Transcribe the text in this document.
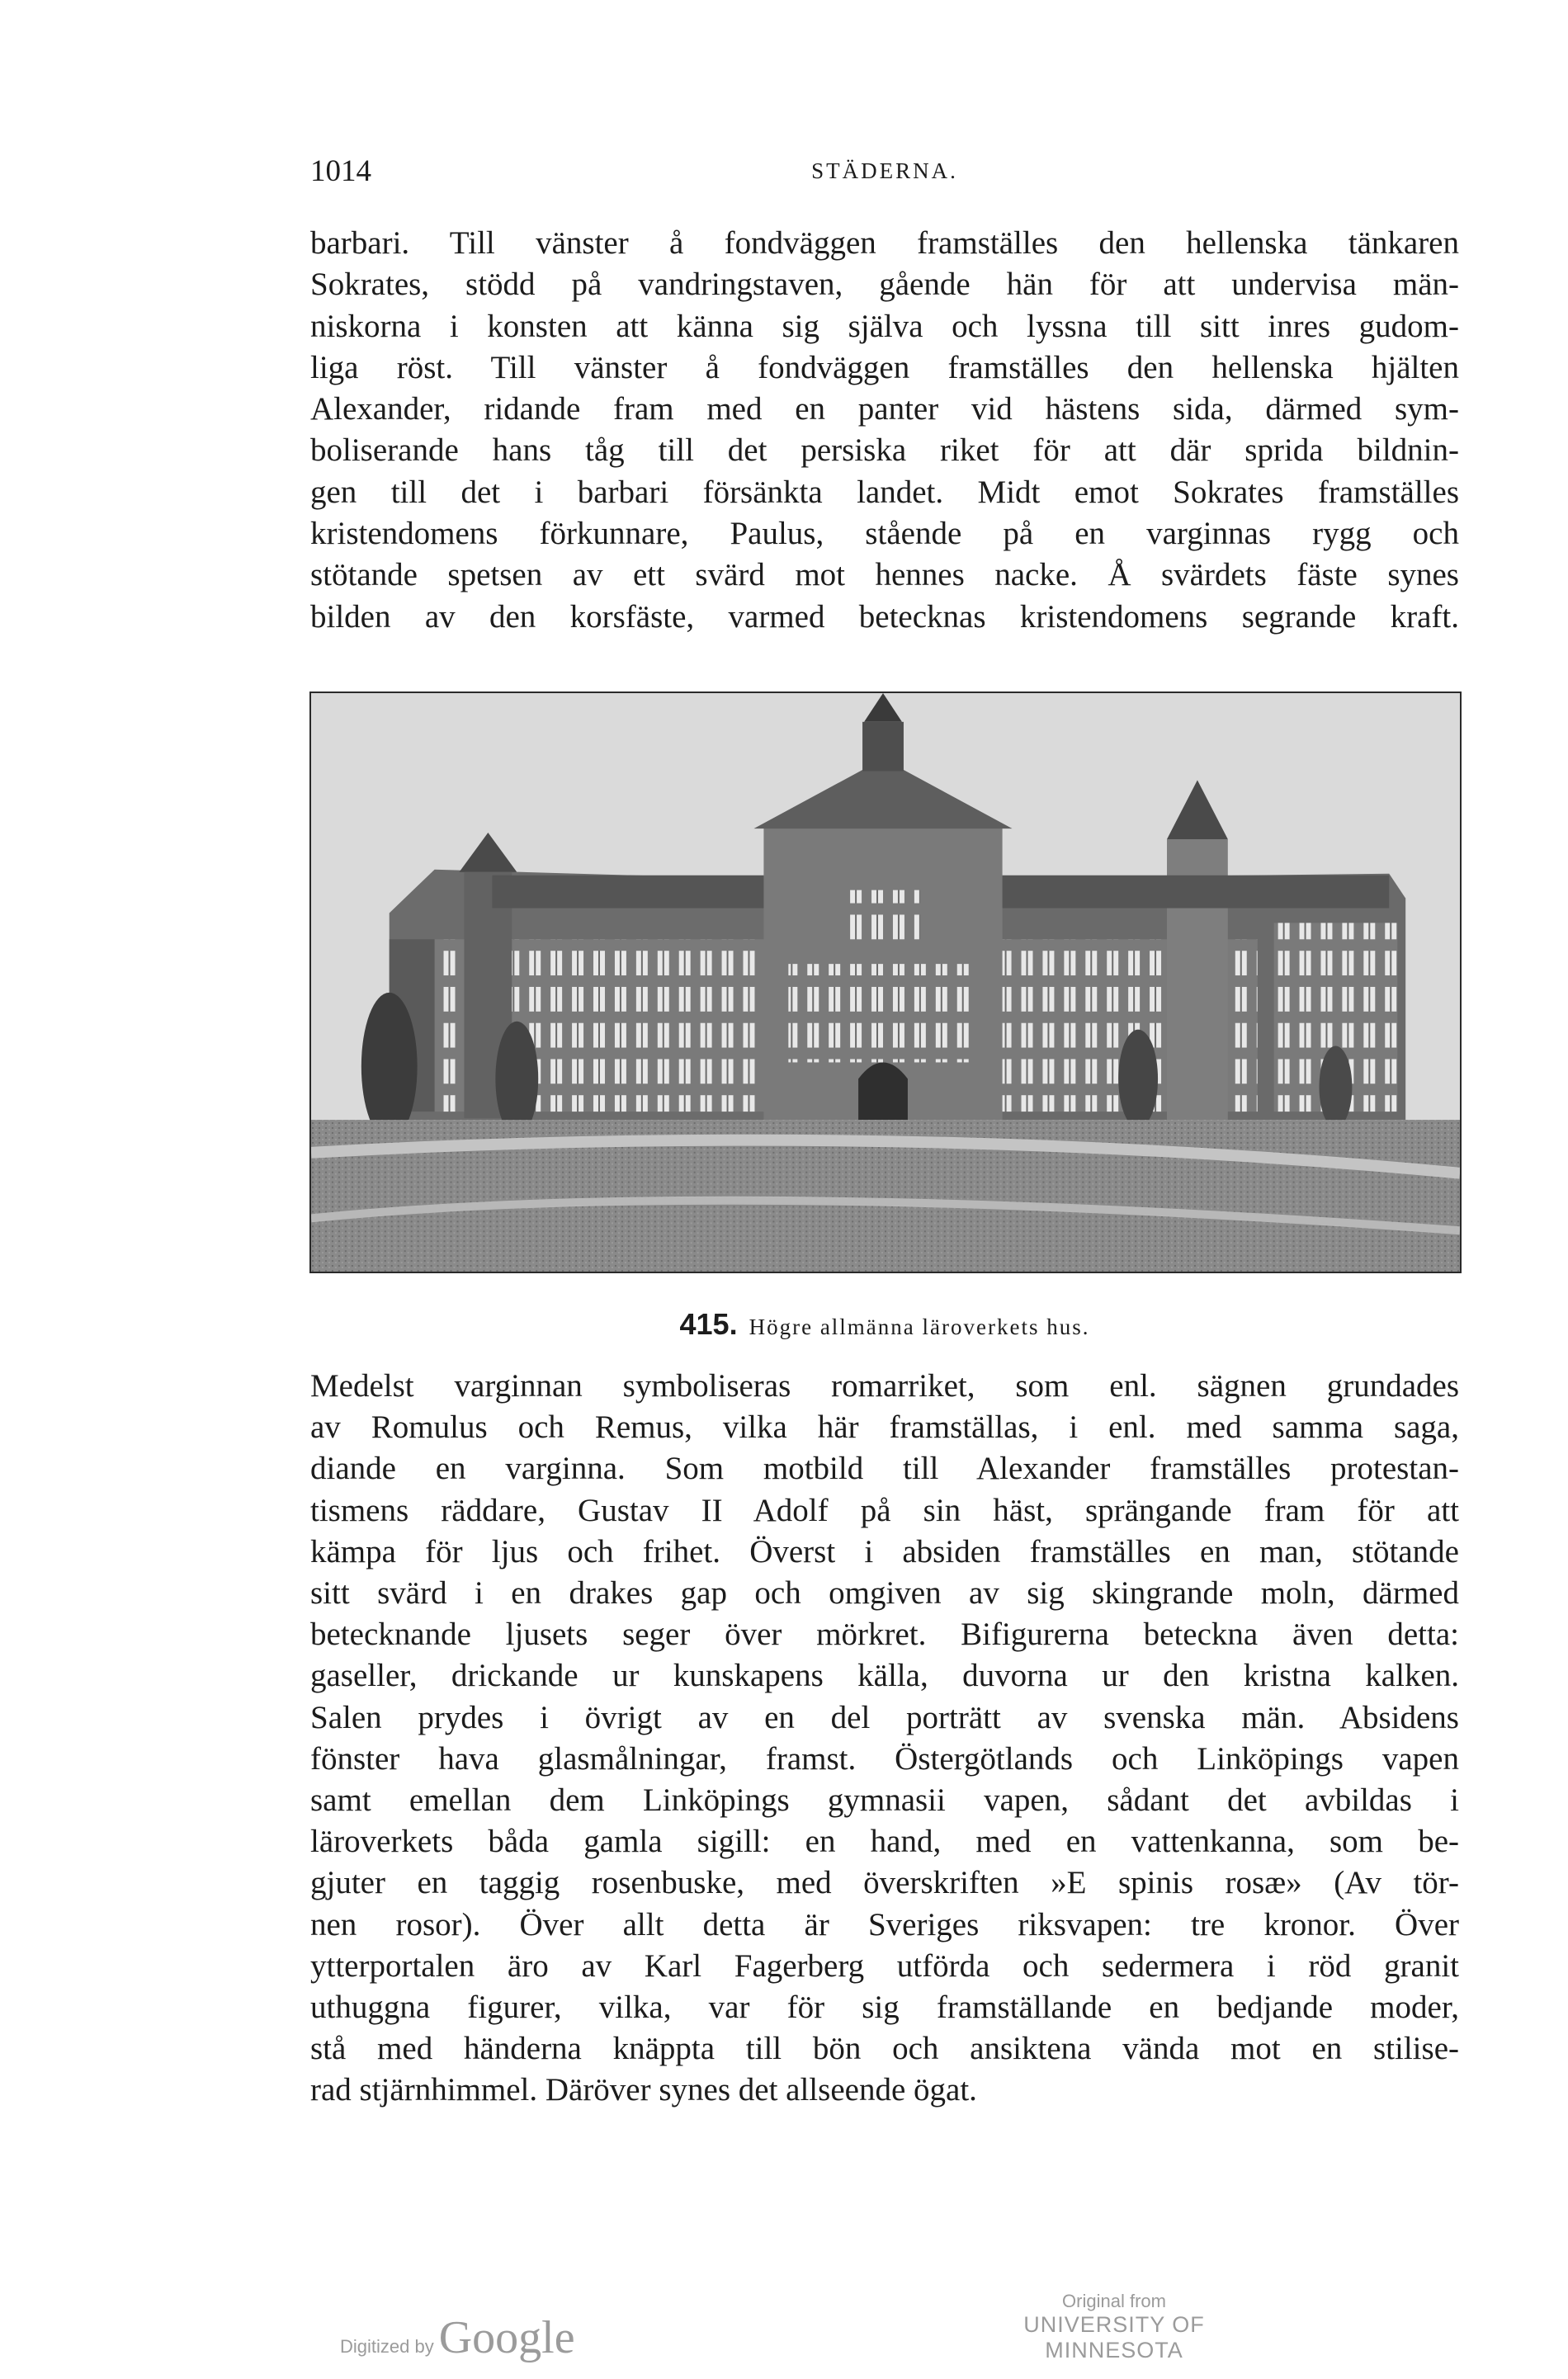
1014	STÄDERNA.

barbari. Till vänster å fondväggen framställes den hellenska tänkaren
Sokrates, stödd på vandringstaven, gående hän för att undervisa män-
niskorna i konsten att känna sig själva och lyssna till sitt inres gudom-
liga röst. Till vänster å fondväggen framställes den hellenska hjälten
Alexander, ridande fram med en panter vid hästens sida, därmed sym-
boliserande hans tåg till det persiska riket för att där sprida bildnin-
gen till det i barbari försänkta landet. Midt emot Sokrates framställes
kristendomens förkunnare, Paulus, stående på en varginnas rygg och
stötande spetsen av ett svärd mot hennes nacke. Å svärdets fäste synes
bilden av den korsfäste, varmed betecknas kristendomens segrande kraft.

415. Högre allmänna läroverkets hus.

Medelst varginnan symboliseras romarriket, som enl. sägnen grundades
av Romulus och Remus, vilka här framställas, i enl. med samma saga,
diande en varginna. Som motbild till Alexander framställes protestan-
tismens räddare, Gustav II Adolf på sin häst, sprängande fram för att
kämpa för ljus och frihet. Överst i absiden framställes en man, stötande
sitt svärd i en drakes gap och omgiven av sig skingrande moln, därmed
betecknande ljusets seger över mörkret. Bifigurerna beteckna även detta:
gaseller, drickande ur kunskapens källa, duvorna ur den kristna kalken.
Salen prydes i övrigt av en del porträtt av svenska män. Absidens
fönster hava glasmålningar, framst. Östergötlands och Linköpings vapen
samt emellan dem Linköpings gymnasii vapen, sådant det avbildas i
läroverkets båda gamla sigill: en hand, med en vattenkanna, som be-
gjuter en taggig rosenbuske, med överskriften »E spinis rosæ» (Av tör-
nen rosor). Över allt detta är Sveriges riksvapen: tre kronor. Över
ytterportalen äro av Karl Fagerberg utförda och sedermera i röd granit
uthuggna figurer, vilka, var för sig framställande en bedjande moder,
stå med händerna knäppta till bön och ansiktena vända mot en stilise-
rad stjärnhimmel. Däröver synes det allseende ögat.

Digitized by Google
Original from
UNIVERSITY OF MINNESOTA
